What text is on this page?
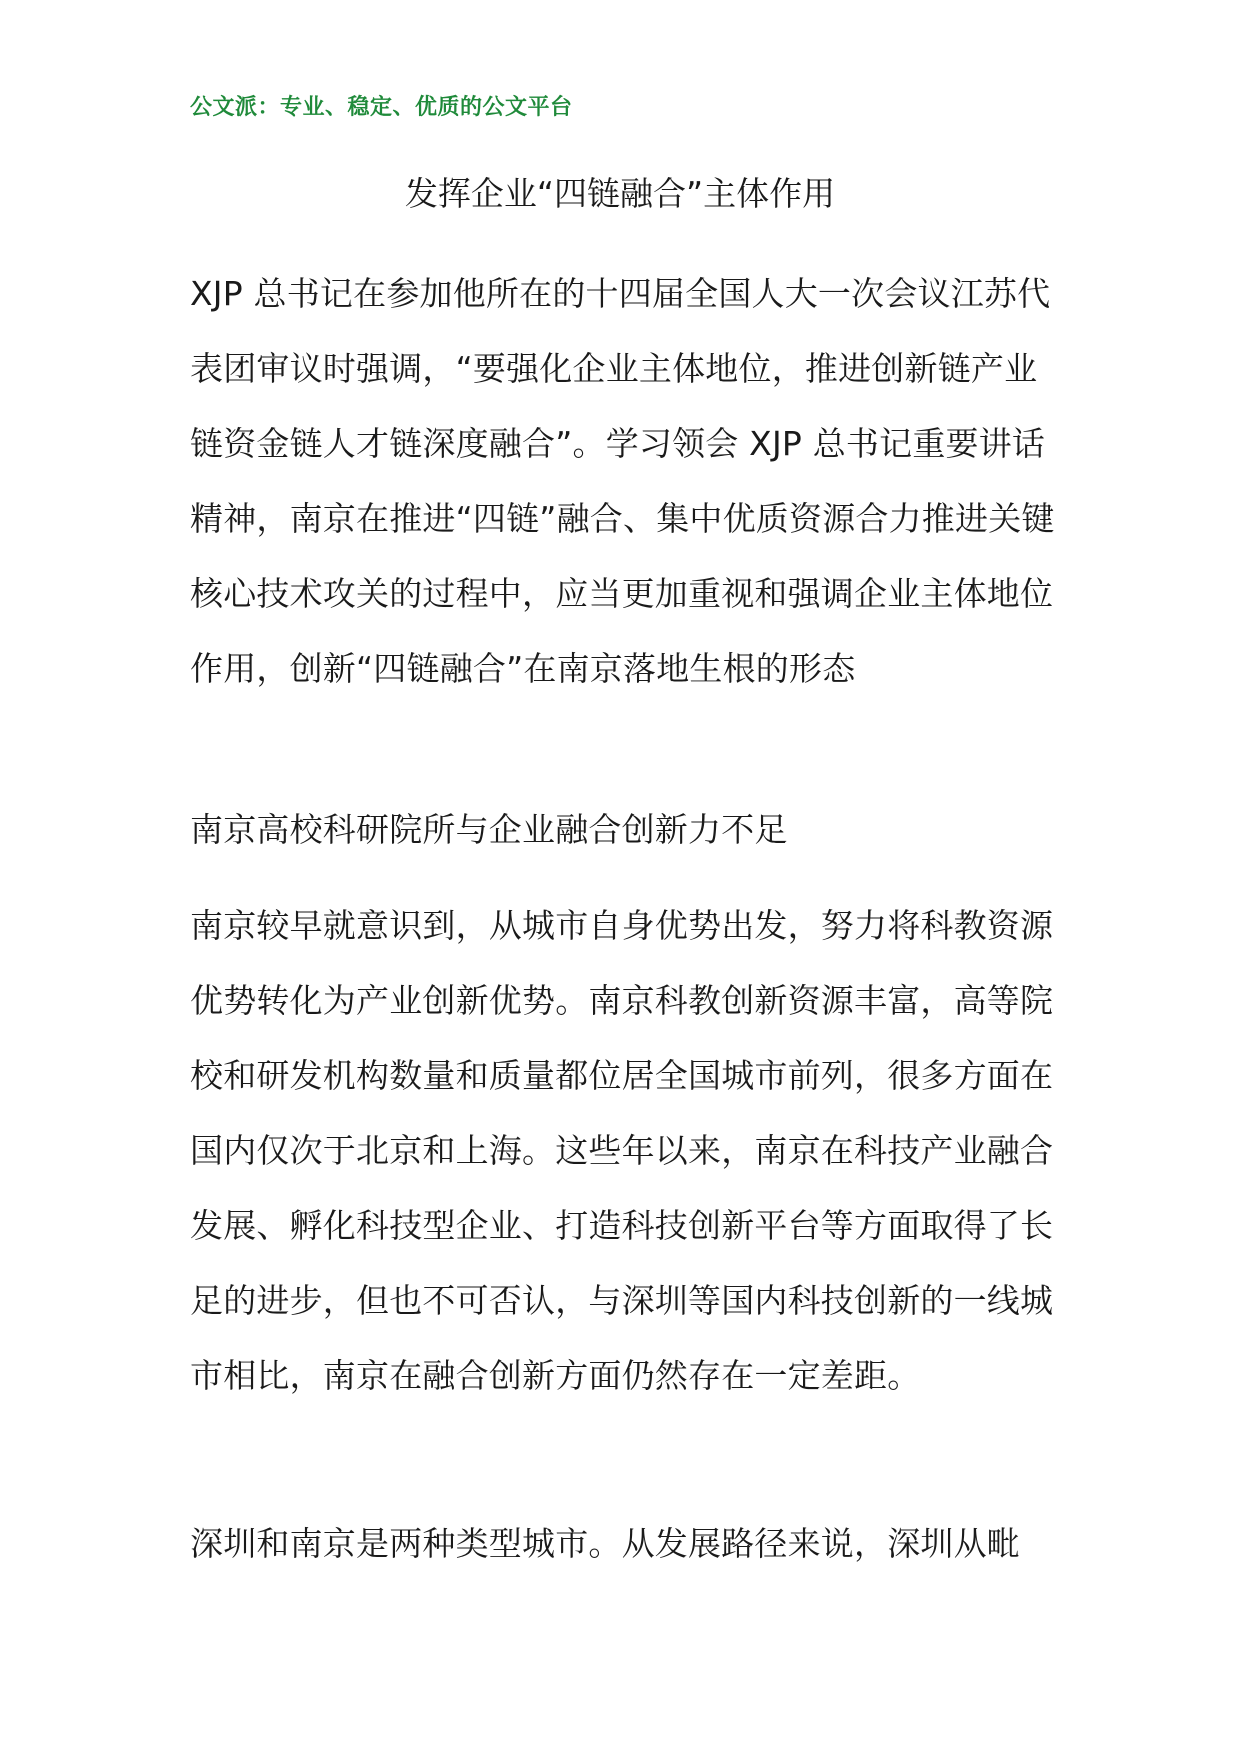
公文派：专业、稳定、优质的公文平台
发挥企业“四链融合”主体作用

XJP 总书记在参加他所在的十四届全国人大一次会议江苏代表团审议时强调，“要强化企业主体地位，推进创新链产业链资金链人才链深度融合”。学习领会 XJP 总书记重要讲话精神，南京在推进“四链”融合、集中优质资源合力推进关键核心技术攻关的过程中，应当更加重视和强调企业主体地位作用，创新“四链融合”在南京落地生根的形态

南京高校科研院所与企业融合创新力不足

南京较早就意识到，从城市自身优势出发，努力将科教资源优势转化为产业创新优势。南京科教创新资源丰富，高等院校和研发机构数量和质量都位居全国城市前列，很多方面在国内仅次于北京和上海。这些年以来，南京在科技产业融合发展、孵化科技型企业、打造科技创新平台等方面取得了长足的进步，但也不可否认，与深圳等国内科技创新的一线城市相比，南京在融合创新方面仍然存在一定差距。

深圳和南京是两种类型城市。从发展路径来说，深圳从毗
